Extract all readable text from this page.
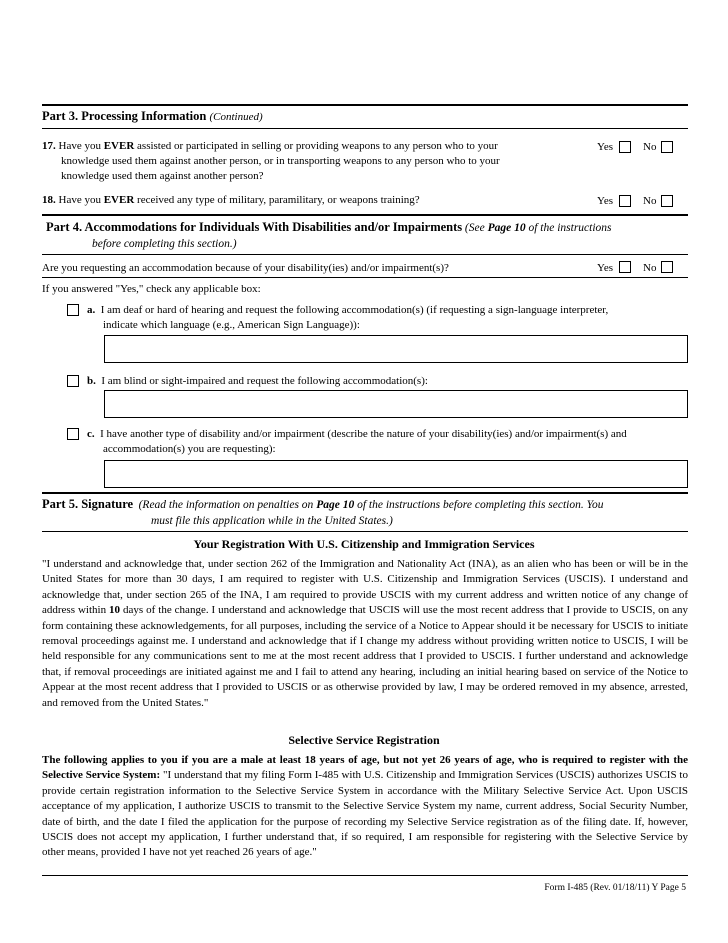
Part 3. Processing Information (Continued)
17. Have you EVER assisted or participated in selling or providing weapons to any person who to your
knowledge used them against another person, or in transporting weapons to any person who to your
knowledge used them against another person?
Yes	No
18. Have you EVER received any type of military, paramilitary, or weapons training?	Yes	No
Part 4. Accommodations for Individuals With Disabilities and/or Impairments (See Page 10 of the instructions
before completing this section.)
Are you requesting an accommodation because of your disability(ies) and/or impairment(s)?	Yes	No
If you answered "Yes," check any applicable box:
a. I am deaf or hard of hearing and request the following accommodation(s) (if requesting a sign-language interpreter,
indicate which language (e.g., American Sign Language)):
b. I am blind or sight-impaired and request the following accommodation(s):
c. I have another type of disability and/or impairment (describe the nature of your disability(ies) and/or impairment(s) and
accommodation(s) you are requesting):
Part 5. Signature (Read the information on penalties on Page 10 of the instructions before completing this section. You
must file this application while in the United States.)
Your Registration With U.S. Citizenship and Immigration Services
"I understand and acknowledge that, under section 262 of the Immigration and Nationality Act (INA), as an alien who has been or will be in the United States for more than 30 days, I am required to register with U.S. Citizenship and Immigration Services (USCIS). I understand and acknowledge that, under section 265 of the INA, I am required to provide USCIS with my current address and written notice of any change of address within 10 days of the change. I understand and acknowledge that USCIS will use the most recent address that I provide to USCIS, on any form containing these acknowledgements, for all purposes, including the service of a Notice to Appear should it be necessary for USCIS to initiate removal proceedings against me. I understand and acknowledge that if I change my address without providing written notice to USCIS, I will be held responsible for any communications sent to me at the most recent address that I provided to USCIS. I further understand and acknowledge that, if removal proceedings are initiated against me and I fail to attend any hearing, including an initial hearing based on service of the Notice to Appear at the most recent address that I provided to USCIS or as otherwise provided by law, I may be ordered removed in my absence, arrested, and removed from the United States."
Selective Service Registration
The following applies to you if you are a male at least 18 years of age, but not yet 26 years of age, who is required to register with the Selective Service System: "I understand that my filing Form I-485 with U.S. Citizenship and Immigration Services (USCIS) authorizes USCIS to provide certain registration information to the Selective Service System in accordance with the Military Selective Service Act. Upon USCIS acceptance of my application, I authorize USCIS to transmit to the Selective Service System my name, current address, Social Security Number, date of birth, and the date I filed the application for the purpose of recording my Selective Service registration as of the filing date. If, however, USCIS does not accept my application, I further understand that, if so required, I am responsible for registering with the Selective Service by other means, provided I have not yet reached 26 years of age."
Form I-485 (Rev. 01/18/11) Y Page 5
